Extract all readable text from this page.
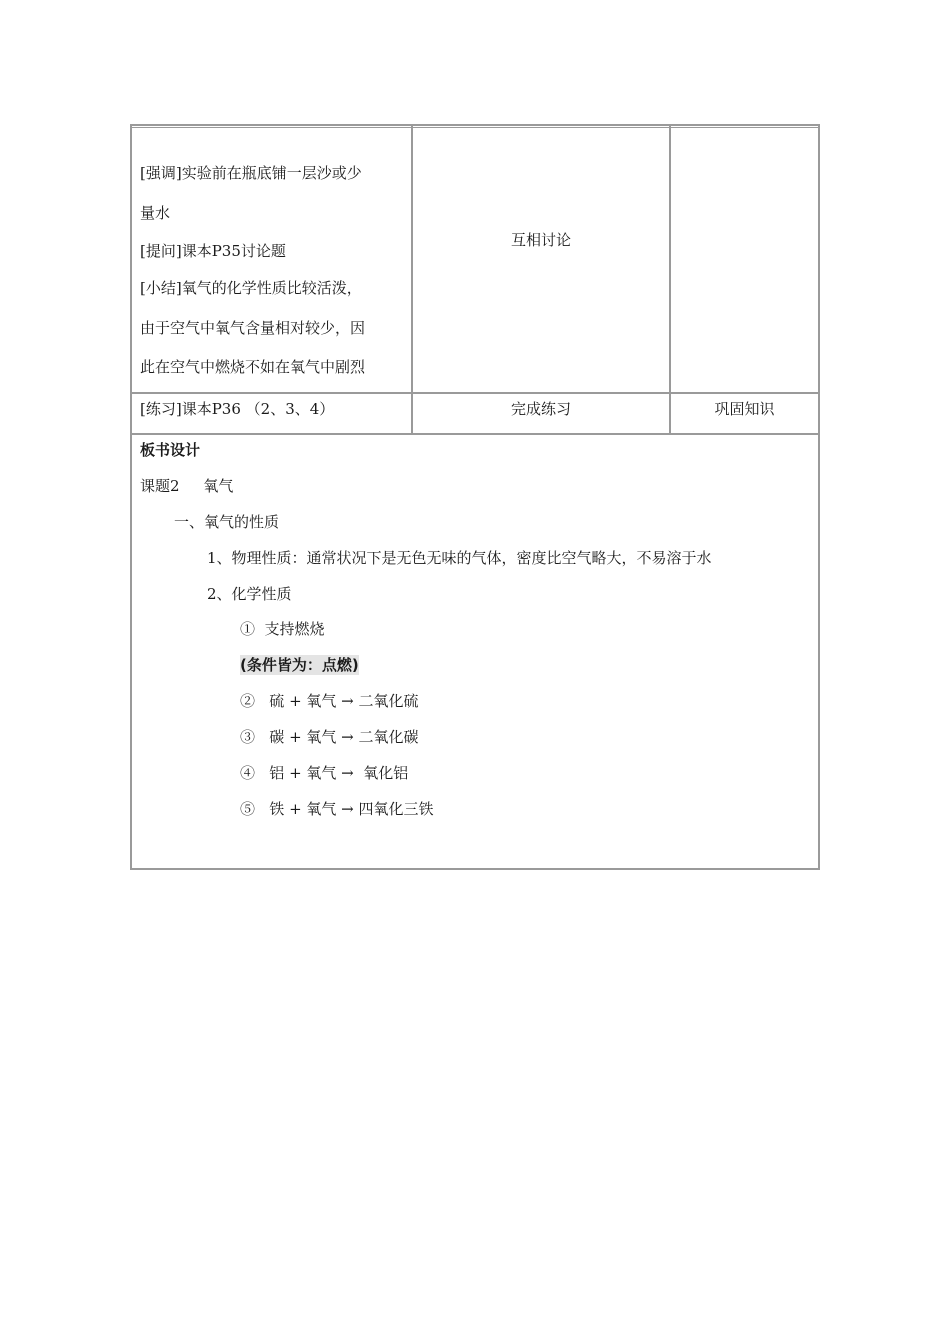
[强调]实验前在瓶底铺一层沙或少
量水
[提问]课本P35讨论题
[小结]氧气的化学性质比较活泼，
由于空气中氧气含量相对较少，因
此在空气中燃烧不如在氧气中剧烈
互相讨论
[练习]课本P36 （2、3、4）	完成练习	巩固知识
板书设计
课题2     氧气
一、氧气的性质
1、物理性质：通常状况下是无色无味的气体，密度比空气略大，不易溶于水
2、化学性质
①  支持燃烧
(条件皆为：点燃)
②   硫 + 氧气 → 二氧化硫
③   碳 + 氧气 → 二氧化碳
④   铝 + 氧气 →  氧化铝
⑤   铁 + 氧气 → 四氧化三铁
